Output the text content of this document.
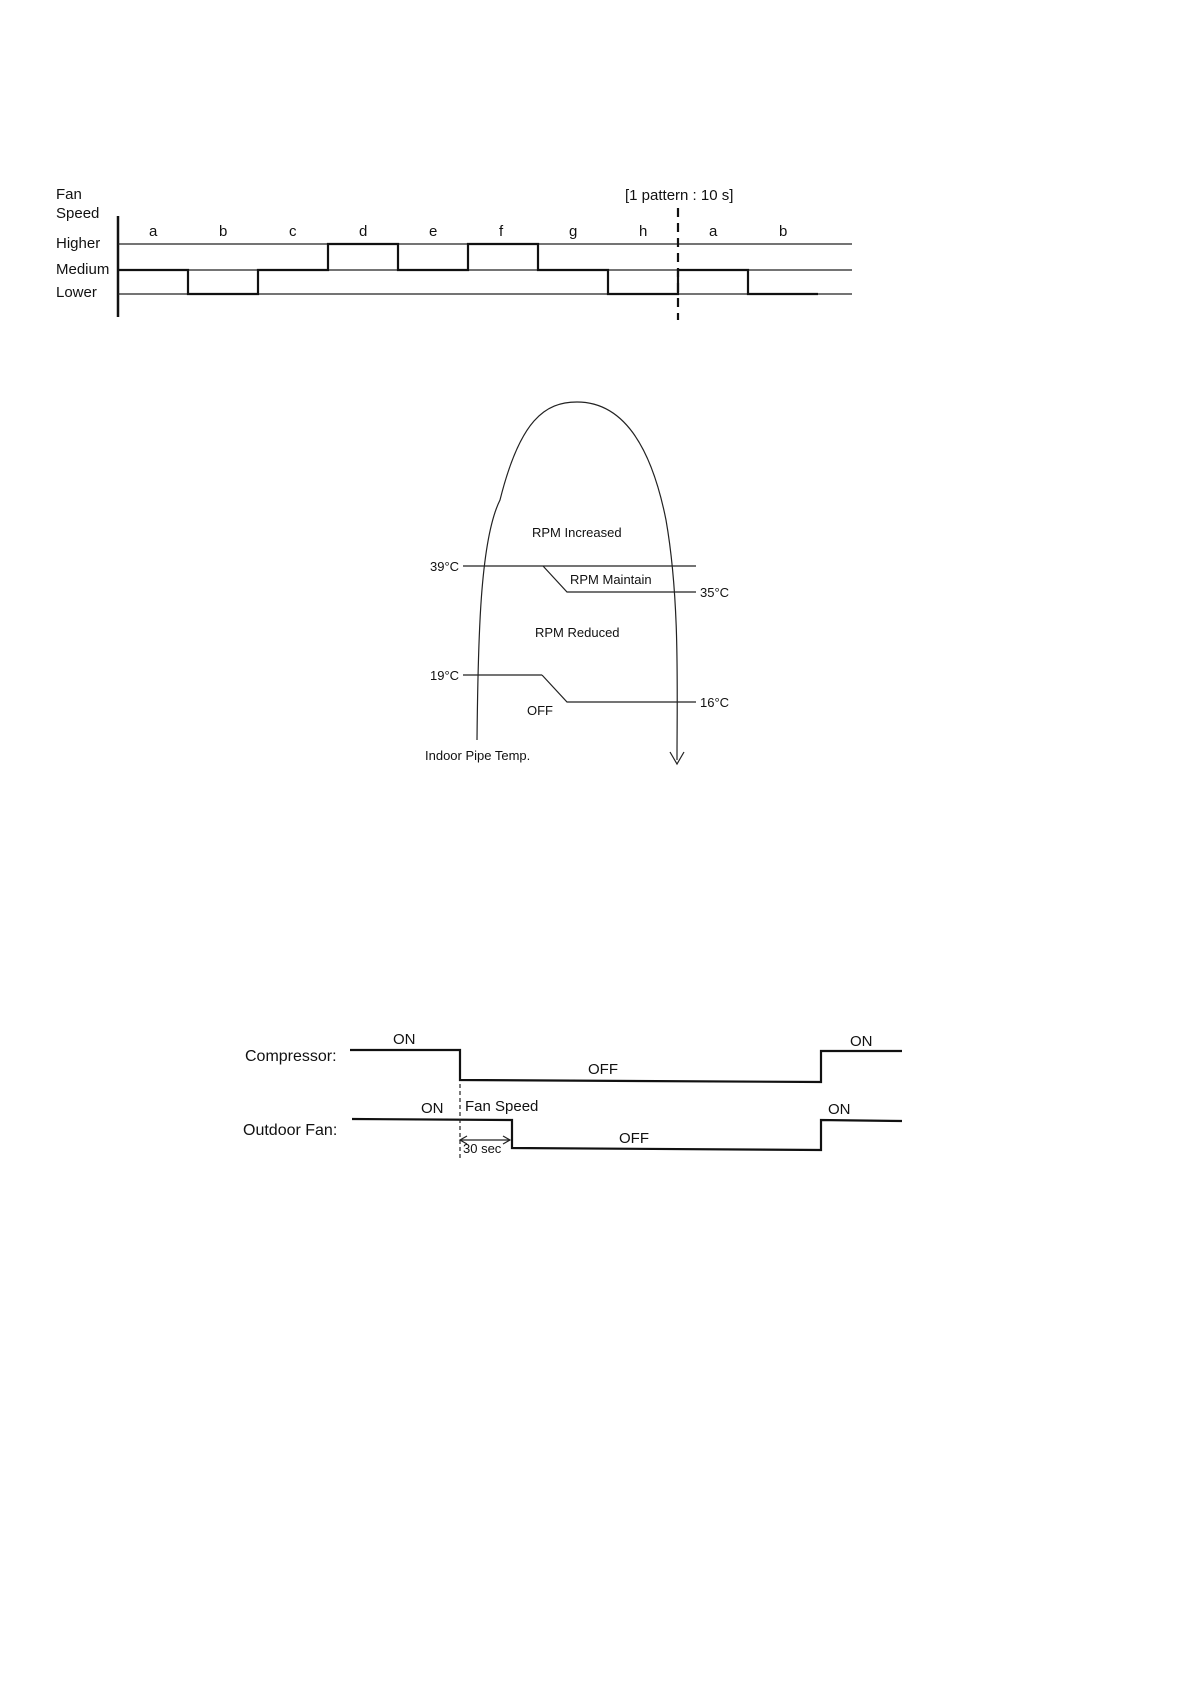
Fan
Speed
Higher
Medium
Lower
[1 pattern : 10 s]
a	b	c	d	e	f	g	h	a	b
RPM Increased
RPM Maintain
RPM Reduced
OFF
39°C
35°C
19°C
16°C
Indoor Pipe Temp.
Compressor:
Outdoor Fan:
ON
OFF
ON
ON Fan Speed
30 sec
OFF
ON
